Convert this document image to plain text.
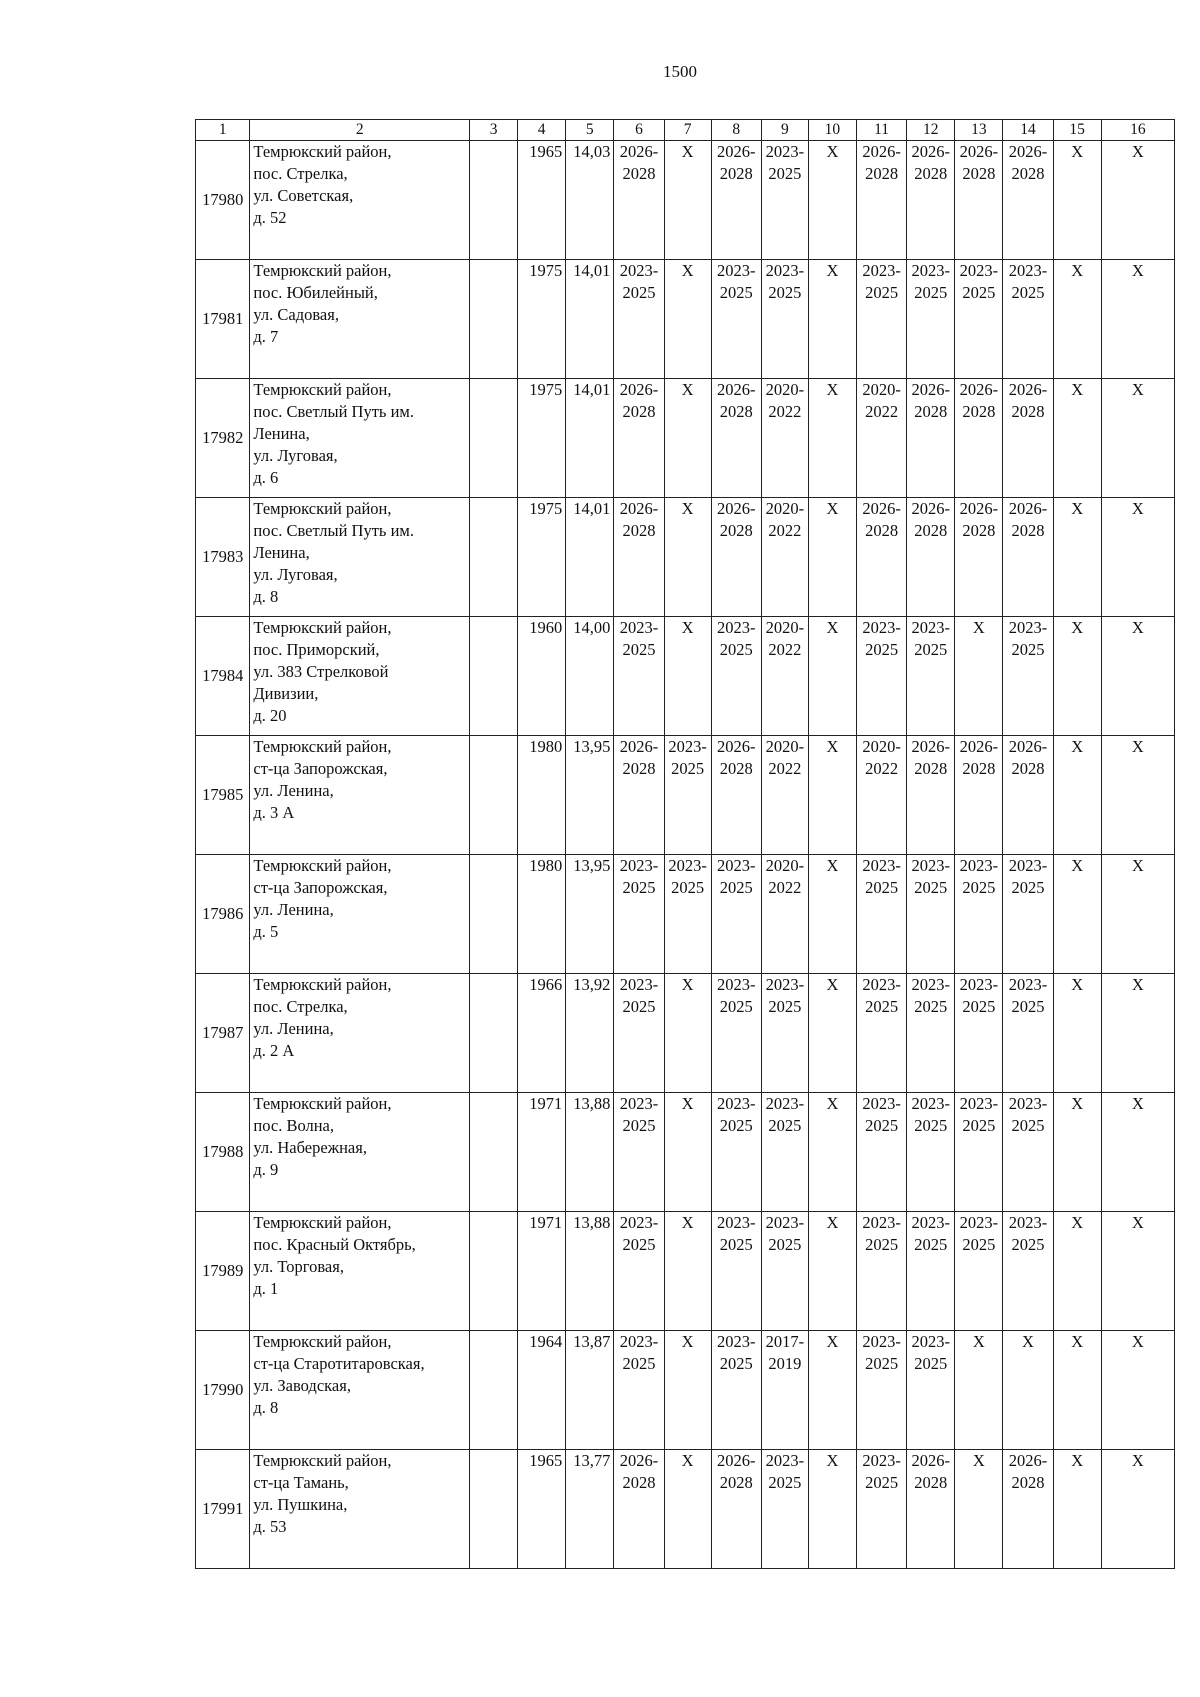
1500
1	2	3	4	5	6	7	8	9	10	11	12	13	14	15	16
17980	Темрюкский район,
пос. Стрелка,
ул. Советская,
д. 52		1965	14,03	2026-
2028	Х	2026-
2028	2023-
2025	Х	2026-
2028	2026-
2028	2026-
2028	2026-
2028	Х	Х

17981	Темрюкский район,
пос. Юбилейный,
ул. Садовая,
д. 7		1975	14,01	2023-
2025	Х	2023-
2025	2023-
2025	Х	2023-
2025	2023-
2025	2023-
2025	2023-
2025	Х	Х

17982	Темрюкский район,
пос. Светлый Путь им.
Ленина,
ул. Луговая,
д. 6		1975	14,01	2026-
2028	Х	2026-
2028	2020-
2022	Х	2020-
2022	2026-
2028	2026-
2028	2026-
2028	Х	Х

17983	Темрюкский район,
пос. Светлый Путь им.
Ленина,
ул. Луговая,
д. 8		1975	14,01	2026-
2028	Х	2026-
2028	2020-
2022	Х	2026-
2028	2026-
2028	2026-
2028	2026-
2028	Х	Х

17984	Темрюкский район,
пос. Приморский,
ул. 383 Стрелковой
Дивизии,
д. 20		1960	14,00	2023-
2025	Х	2023-
2025	2020-
2022	Х	2023-
2025	2023-
2025	Х	2023-
2025	Х	Х

17985	Темрюкский район,
ст-ца Запорожская,
ул. Ленина,
д. 3 А		1980	13,95	2026-
2028	2023-
2025	2026-
2028	2020-
2022	Х	2020-
2022	2026-
2028	2026-
2028	2026-
2028	Х	Х

17986	Темрюкский район,
ст-ца Запорожская,
ул. Ленина,
д. 5		1980	13,95	2023-
2025	2023-
2025	2023-
2025	2020-
2022	Х	2023-
2025	2023-
2025	2023-
2025	2023-
2025	Х	Х

17987	Темрюкский район,
пос. Стрелка,
ул. Ленина,
д. 2 А		1966	13,92	2023-
2025	Х	2023-
2025	2023-
2025	Х	2023-
2025	2023-
2025	2023-
2025	2023-
2025	Х	Х

17988	Темрюкский район,
пос. Волна,
ул. Набережная,
д. 9		1971	13,88	2023-
2025	Х	2023-
2025	2023-
2025	Х	2023-
2025	2023-
2025	2023-
2025	2023-
2025	Х	Х

17989	Темрюкский район,
пос. Красный Октябрь,
ул. Торговая,
д. 1		1971	13,88	2023-
2025	Х	2023-
2025	2023-
2025	Х	2023-
2025	2023-
2025	2023-
2025	2023-
2025	Х	Х

17990	Темрюкский район,
ст-ца Старотитаровская,
ул. Заводская,
д. 8		1964	13,87	2023-
2025	Х	2023-
2025	2017-
2019	Х	2023-
2025	2023-
2025	Х	Х	Х	Х

17991	Темрюкский район,
ст-ца Тамань,
ул. Пушкина,
д. 53		1965	13,77	2026-
2028	Х	2026-
2028	2023-
2025	Х	2023-
2025	2026-
2028	Х	2026-
2028	Х	Х
